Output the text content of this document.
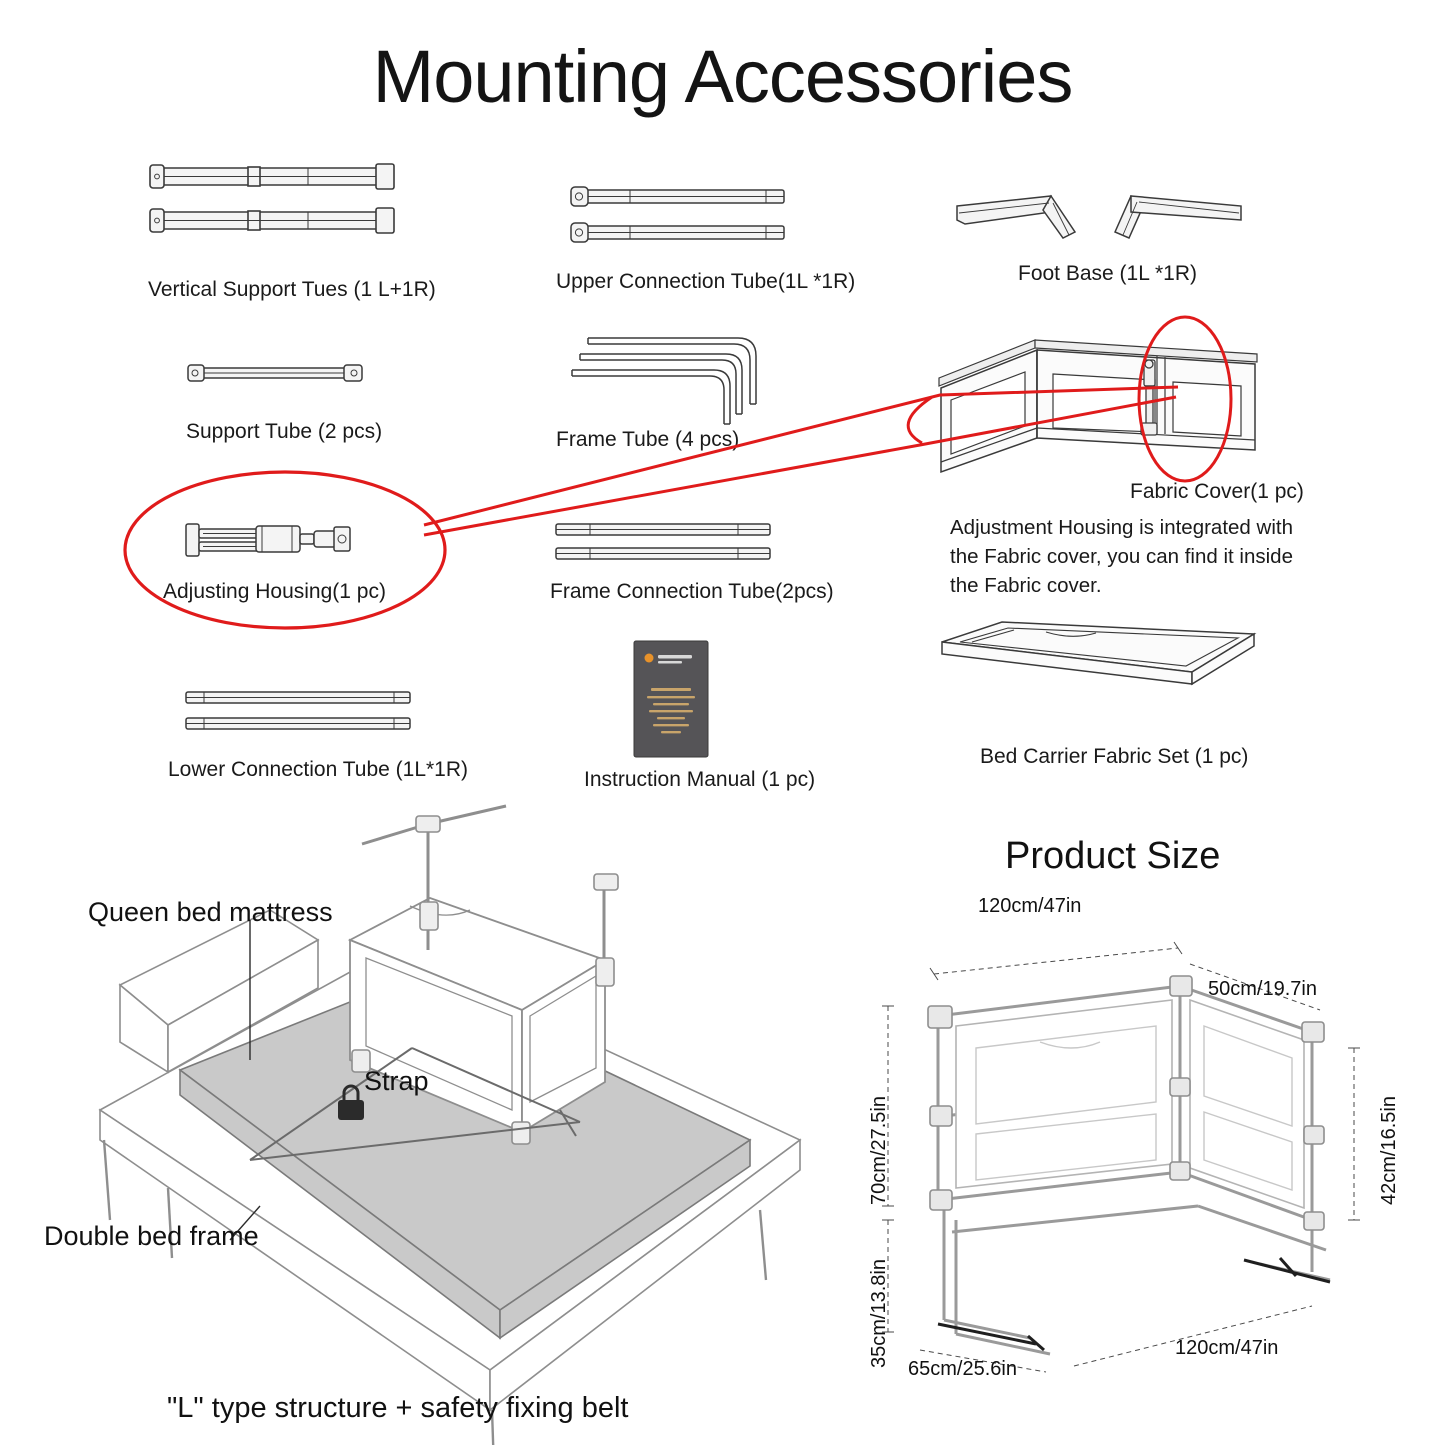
Mounting Accessories
Vertical Support Tues (1 L+1R)	Upper Connection Tube(1L *1R)	Foot Base (1L *1R)
Support Tube (2 pcs)	Frame Tube (4 pcs)
Fabric Cover(1 pc)
Adjusting Housing(1 pc)	Frame Connection Tube(2pcs)
Adjustment Housing is integrated with the Fabric cover, you can find it inside the Fabric cover.
Lower Connection Tube (1L*1R)	Instruction Manual (1 pc)
Bed Carrier Fabric Set (1 pc)
Queen bed mattress
Strap
Double bed frame
"L" type structure + safety fixing belt
Product Size
120cm/47in
50cm/19.7in
70cm/27.5in
35cm/13.8in
42cm/16.5in
65cm/25.6in
120cm/47in
